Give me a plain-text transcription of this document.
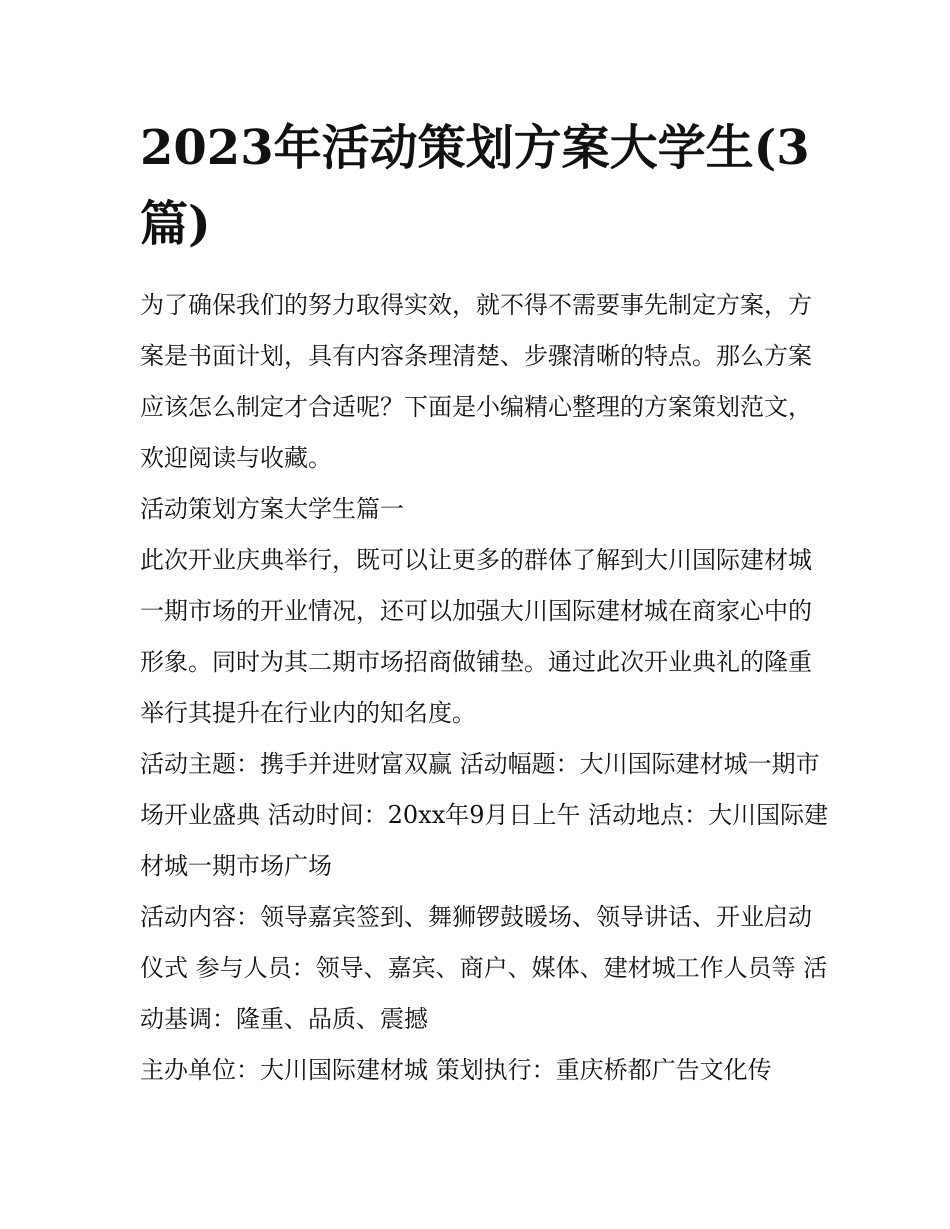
2023年活动策划方案大学生(3篇)

为了确保我们的努力取得实效，就不得不需要事先制定方案，方案是书面计划，具有内容条理清楚、步骤清晰的特点。那么方案应该怎么制定才合适呢？下面是小编精心整理的方案策划范文，欢迎阅读与收藏。

活动策划方案大学生篇一

此次开业庆典举行，既可以让更多的群体了解到大川国际建材城一期市场的开业情况，还可以加强大川国际建材城在商家心中的形象。同时为其二期市场招商做铺垫。通过此次开业典礼的隆重举行其提升在行业内的知名度。

活动主题：携手并进财富双赢 活动幅题：大川国际建材城一期市场开业盛典 活动时间：20xx年9月日上午 活动地点：大川国际建材城一期市场广场

活动内容：领导嘉宾签到、舞狮锣鼓暖场、领导讲话、开业启动仪式 参与人员：领导、嘉宾、商户、媒体、建材城工作人员等 活动基调：隆重、品质、震撼

主办单位：大川国际建材城 策划执行：重庆桥都广告文化传
